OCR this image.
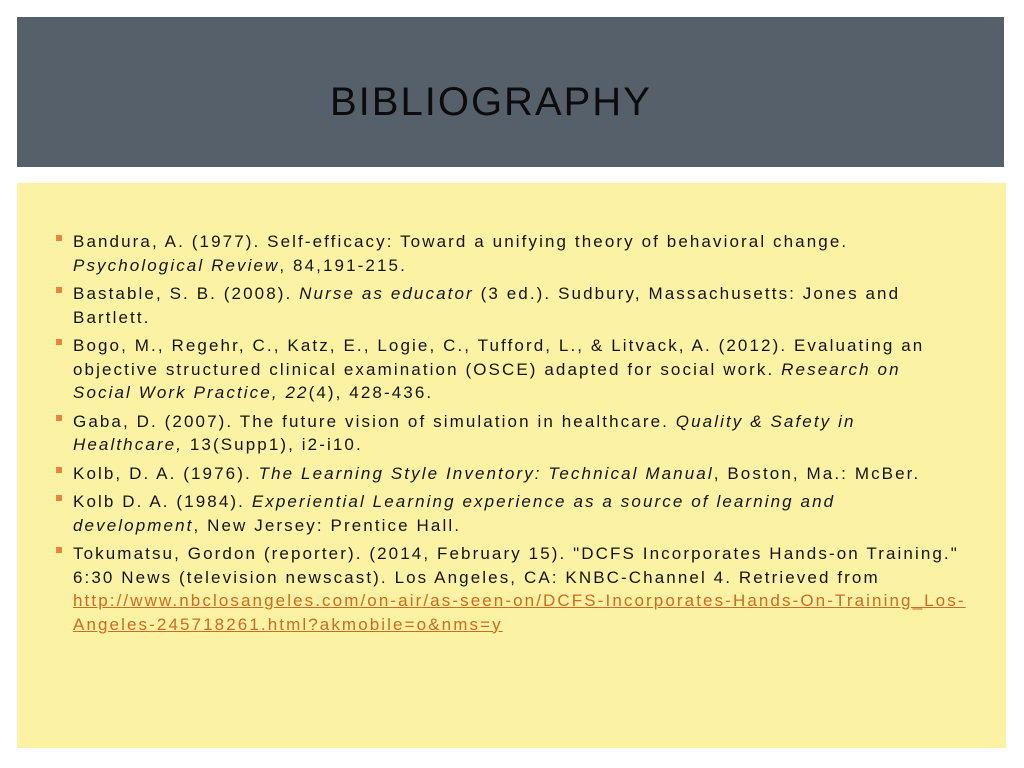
BIBLIOGRAPHY
Bandura, A. (1977). Self-efficacy: Toward a unifying theory of behavioral change. Psychological Review, 84,191-215.
Bastable, S. B. (2008). Nurse as educator (3 ed.). Sudbury, Massachusetts: Jones and Bartlett.
Bogo, M., Regehr, C., Katz, E., Logie, C., Tufford, L., & Litvack, A. (2012). Evaluating an objective structured clinical examination (OSCE) adapted for social work. Research on Social Work Practice, 22(4), 428-436.
Gaba, D. (2007). The future vision of simulation in healthcare. Quality & Safety in Healthcare, 13(Supp1), i2-i10.
Kolb, D. A. (1976). The Learning Style Inventory: Technical Manual, Boston, Ma.: McBer.
Kolb D. A. (1984). Experiential Learning experience as a source of learning and development, New Jersey: Prentice Hall.
Tokumatsu, Gordon (reporter). (2014, February 15). "DCFS Incorporates Hands-on Training." 6:30 News (television newscast). Los Angeles, CA: KNBC-Channel 4. Retrieved from http://www.nbclosangeles.com/on-air/as-seen-on/DCFS-Incorporates-Hands-On-Training_Los-Angeles-245718261.html?akmobile=o&nms=y
